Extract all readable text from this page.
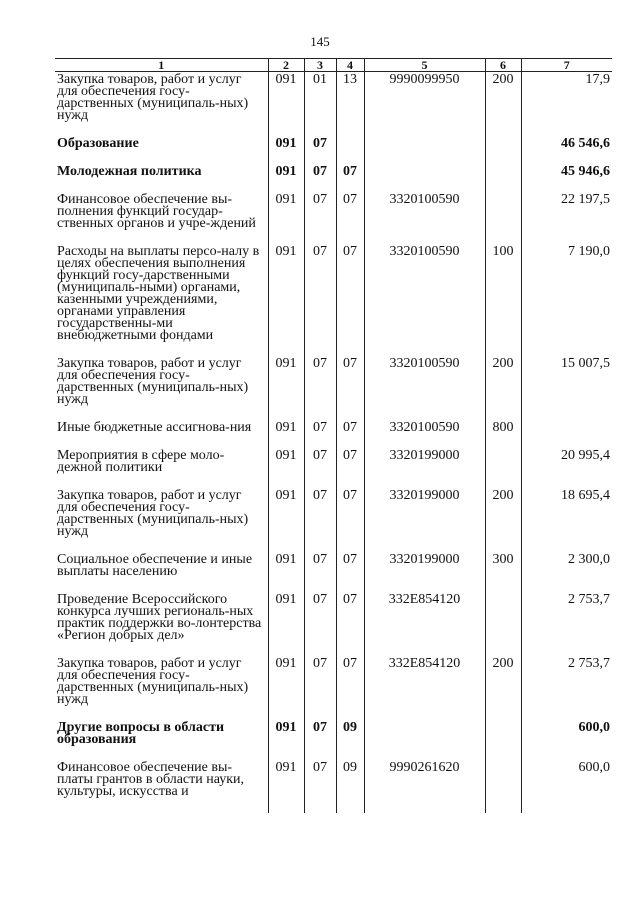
145
1	2	3	4	5	6	7
Закупка товаров, работ и услуг для обеспечения госу-дарственных (муниципаль-ных) нужд	091	01	13	9990099950	200	17,9
Образование	091	07				46 546,6
Молодежная политика	091	07	07			45 946,6
Финансовое обеспечение вы-полнения функций государ-ственных органов и учре-ждений	091	07	07	3320100590		22 197,5
Расходы на выплаты персо-налу в целях обеспечения выполнения функций госу-дарственными (муниципаль-ными) органами, казенными учреждениями, органами управления государственны-ми внебюджетными фондами	091	07	07	3320100590	100	7 190,0
Закупка товаров, работ и услуг для обеспечения госу-дарственных (муниципаль-ных) нужд	091	07	07	3320100590	200	15 007,5
Иные бюджетные ассигнова-ния	091	07	07	3320100590	800	
Мероприятия в сфере моло-дежной политики	091	07	07	3320199000		20 995,4
Закупка товаров, работ и услуг для обеспечения госу-дарственных (муниципаль-ных) нужд	091	07	07	3320199000	200	18 695,4
Социальное обеспечение и иные выплаты населению	091	07	07	3320199000	300	2 300,0
Проведение Всероссийского конкурса лучших региональ-ных практик поддержки во-лонтерства «Регион добрых дел»	091	07	07	332E854120		2 753,7
Закупка товаров, работ и услуг для обеспечения госу-дарственных (муниципаль-ных) нужд	091	07	07	332E854120	200	2 753,7
Другие вопросы в области образования	091	07	09			600,0
Финансовое обеспечение вы-платы грантов в области науки, культуры, искусства и	091	07	09	9990261620		600,0
